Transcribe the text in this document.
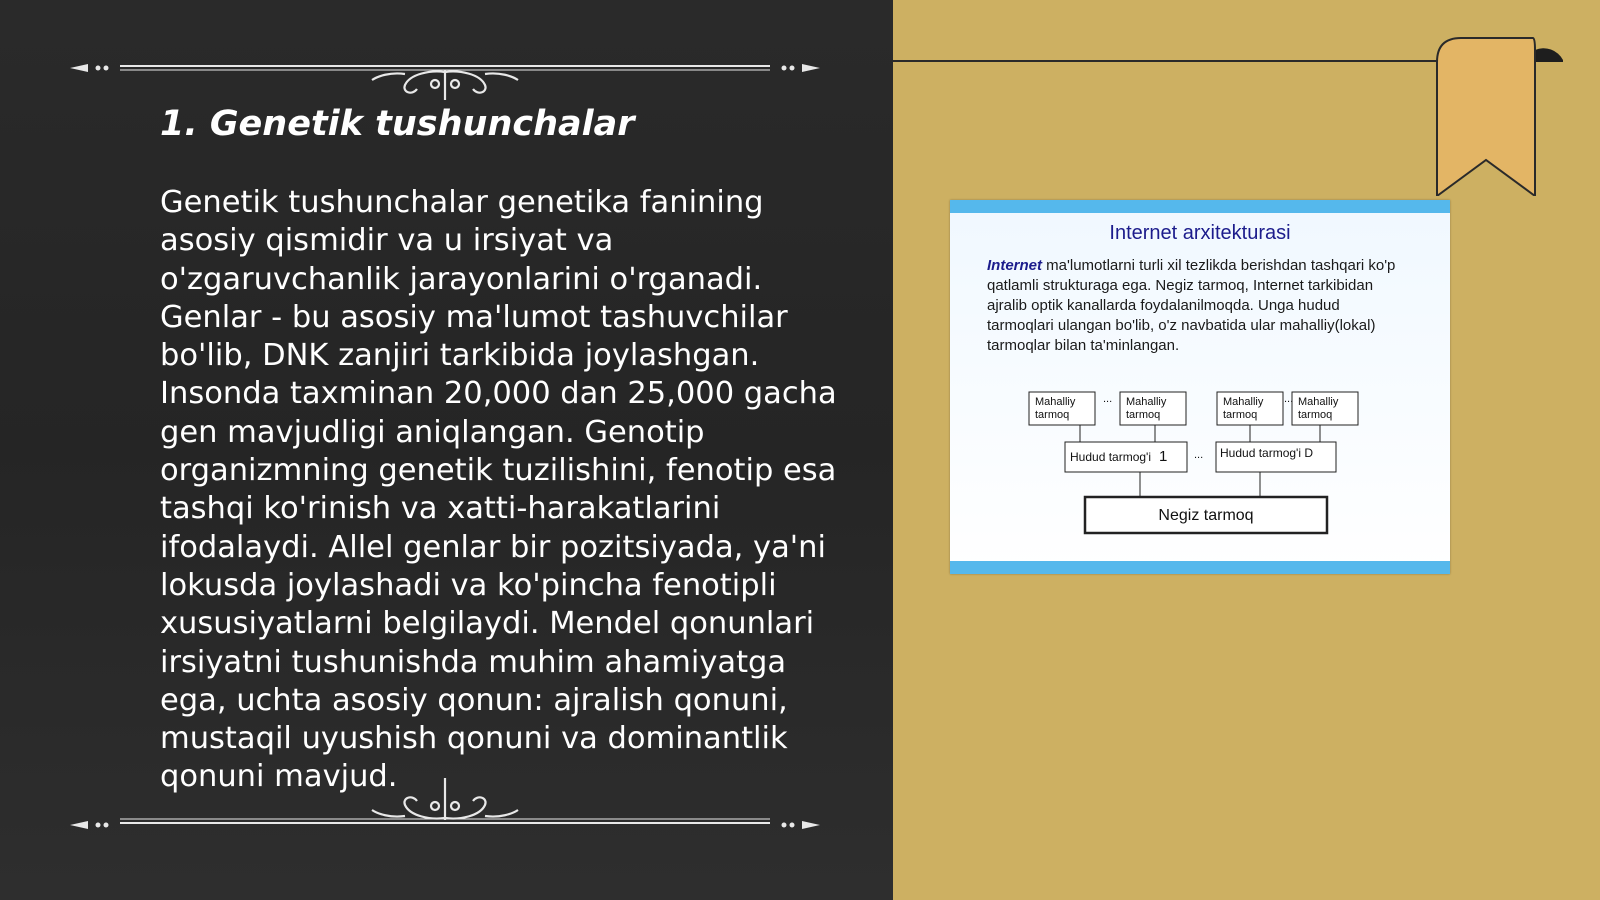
1. Genetik tushunchalar

Genetik tushunchalar genetika fanining asosiy qismidir va u irsiyat va o'zgaruvchanlik jarayonlarini o'rganadi. Genlar - bu asosiy ma'lumot tashuvchilar bo'lib, DNK zanjiri tarkibida joylashgan. Insonda taxminan 20,000 dan 25,000 gacha gen mavjudligi aniqlangan. Genotip organizmning genetik tuzilishini, fenotip esa tashqi ko'rinish va xatti-harakatlarini ifodalaydi. Allel genlar bir pozitsiyada, ya'ni lokusda joylashadi va ko'pincha fenotipli xususiyatlarni belgilaydi. Mendel qonunlari irsiyatni tushunishda muhim ahamiyatga ega, uchta asosiy qonun: ajralish qonuni, mustaqil uyushish qonuni va dominantlik qonuni mavjud.

Internet arxitekturasi

Internet ma'lumotlarni turli xil tezlikda berishdan tashqari ko'p qatlamli strukturaga ega. Negiz tarmoq, Internet tarkibidan ajralib optik kanallarda foydalanilmoqda. Unga hudud tarmoqlari ulangan bo'lib, o'z navbatida ular mahalliy(lokal) tarmoqlar bilan ta'minlangan.

Mahalliy
tarmoq
Mahalliy
tarmoq
Mahalliy
tarmoq
Mahalliy
tarmoq
...	...
...
Hudud tarmog'i 1	Hudud tarmog'i D
Negiz tarmoq
